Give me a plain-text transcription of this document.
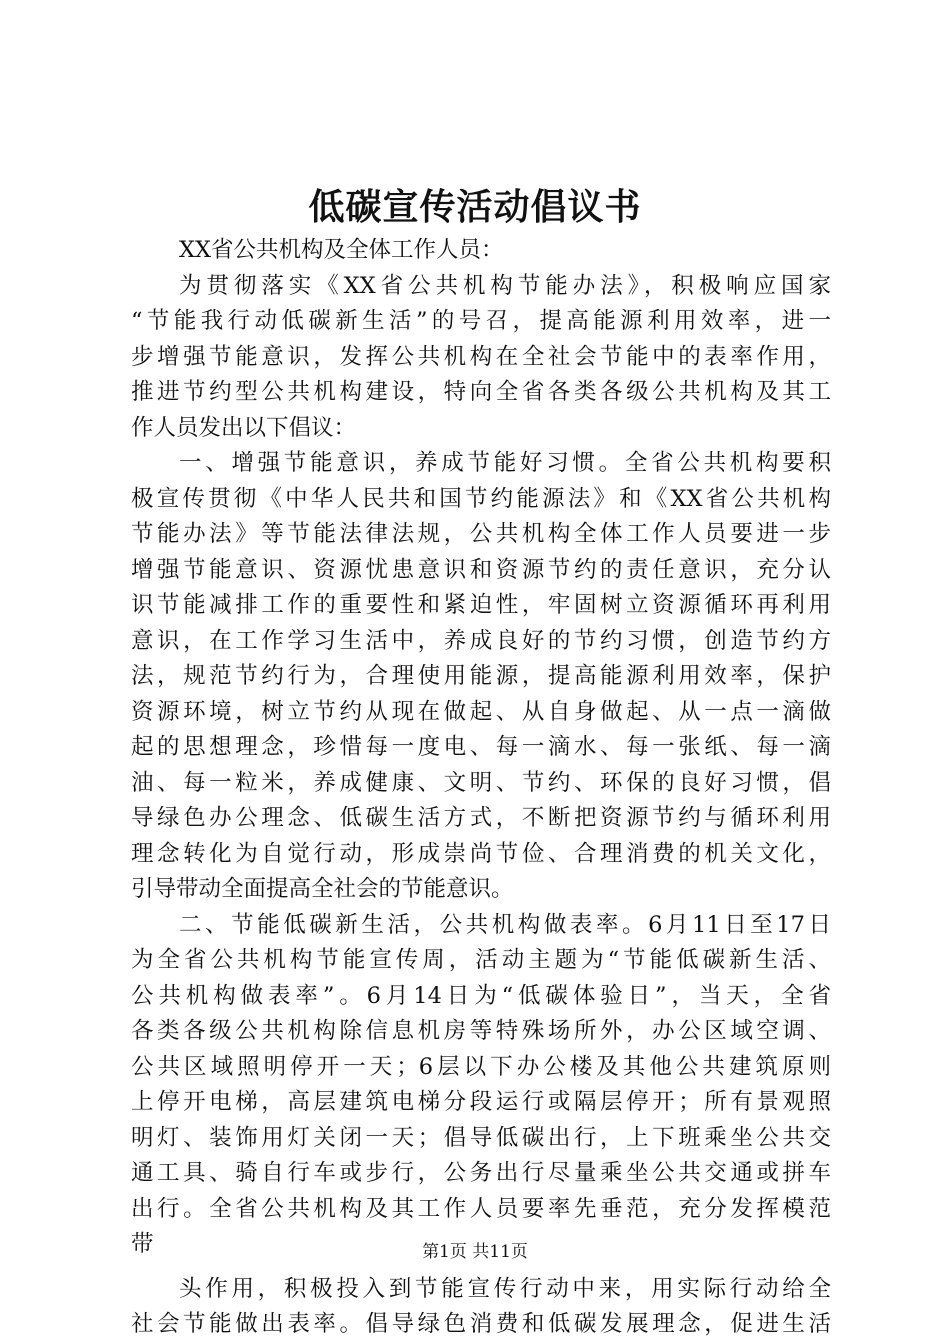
低碳宣传活动倡议书
XX省公共机构及全体工作人员：
为贯彻落实《XX省公共机构节能办法》，积极响应国家
“节能我行动低碳新生活”的号召，提高能源利用效率，进一
步增强节能意识，发挥公共机构在全社会节能中的表率作用，
推进节约型公共机构建设，特向全省各类各级公共机构及其工
作人员发出以下倡议：
一、增强节能意识，养成节能好习惯。全省公共机构要积
极宣传贯彻《中华人民共和国节约能源法》和《XX省公共机构
节能办法》等节能法律法规，公共机构全体工作人员要进一步
增强节能意识、资源忧患意识和资源节约的责任意识，充分认
识节能减排工作的重要性和紧迫性，牢固树立资源循环再利用
意识，在工作学习生活中，养成良好的节约习惯，创造节约方
法，规范节约行为，合理使用能源，提高能源利用效率，保护
资源环境，树立节约从现在做起、从自身做起、从一点一滴做
起的思想理念，珍惜每一度电、每一滴水、每一张纸、每一滴
油、每一粒米，养成健康、文明、节约、环保的良好习惯，倡
导绿色办公理念、低碳生活方式，不断把资源节约与循环利用
理念转化为自觉行动，形成崇尚节俭、合理消费的机关文化，
引导带动全面提高全社会的节能意识。
二、节能低碳新生活，公共机构做表率。6月11日至17日
为全省公共机构节能宣传周，活动主题为“节能低碳新生活、
公共机构做表率”。6月14日为“低碳体验日”，当天，全省
各类各级公共机构除信息机房等特殊场所外，办公区域空调、
公共区域照明停开一天；6层以下办公楼及其他公共建筑原则
上停开电梯，高层建筑电梯分段运行或隔层停开；所有景观照
明灯、装饰用灯关闭一天；倡导低碳出行，上下班乘坐公共交
通工具、骑自行车或步行，公务出行尽量乘坐公共交通或拼车
出行。全省公共机构及其工作人员要率先垂范，充分发挥模范
带
头作用，积极投入到节能宣传行动中来，用实际行动给全
社会节能做出表率。倡导绿色消费和低碳发展理念，促进生活
第1页 共11页
